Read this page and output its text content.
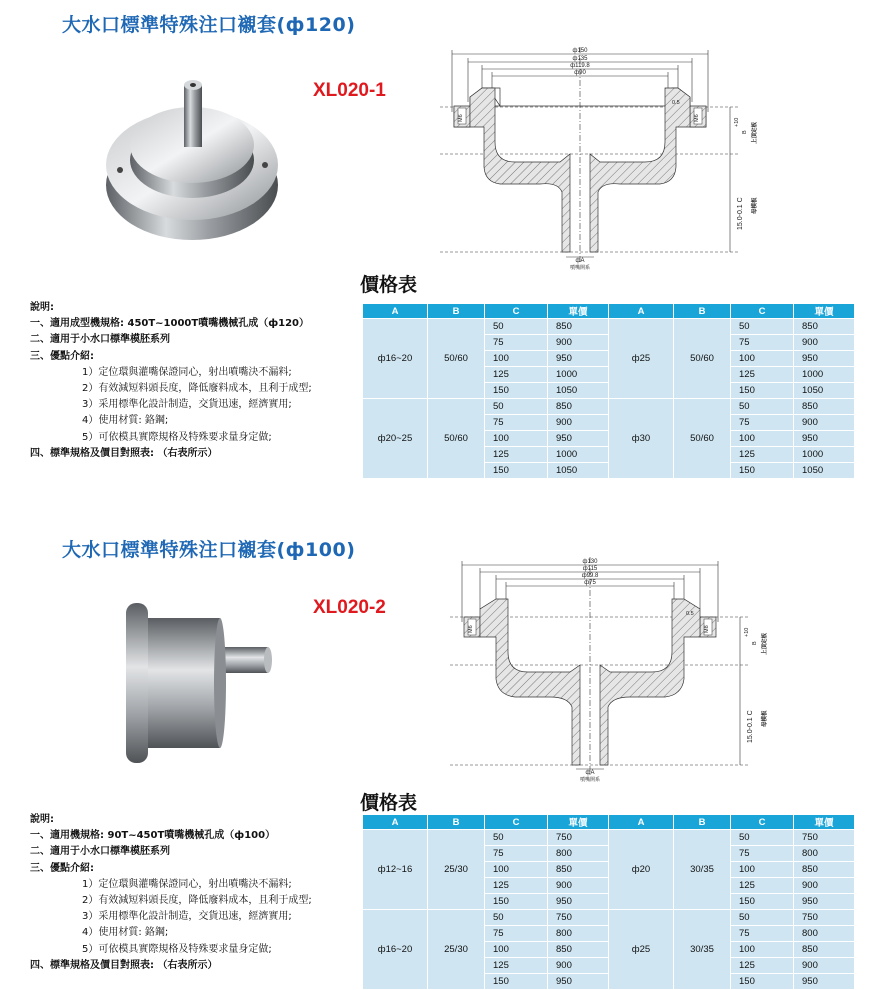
大水口標準特殊注口襯套(ф120)
XL020-1
ф150
ф135
ф119.8
ф90
M6	M6
0.5
+10
B 上頂定板
15.0-0.1 C	母模板
фA
噴嘴開系
價格表
說明:
一、適用成型機規格: 450T~1000T噴嘴機械孔成（ф120）
二、適用于小水口標準模胚系列
三、優點介紹:
1）定位環與灌嘴保證同心，射出噴嘴決不漏料;
2）有效減短料頭長度，降低廢料成本，且利于成型;
3）采用標準化設計制造，交貨迅速，經濟實用;
4）使用材質: 鉻鋼;
5）可依模具實際規格及特殊要求量身定做;
四、標準規格及價目對照表: （右表所示）
A	B	C	單價	A	B	C	單價
ф16~20	50/60	50	850	ф25	50/60	50	850
		75	900			75	900
		100	950			100	950
		125	1000			125	1000
		150	1050			150	1050
ф20~25	50/60	50	850	ф30	50/60	50	850
		75	900			75	900
		100	950			100	950
		125	1000			125	1000
		150	1050			150	1050
大水口標準特殊注口襯套(ф100)
XL020-2
ф130
ф115
ф99.8
ф75
M6	M8
0.5
+10
B 上頂定板
15.0-0.1 C	母模板
фA
噴嘴開系
價格表
說明:
一、適用機規格: 90T~450T噴嘴機械孔成（ф100）
二、適用于小水口標準模胚系列
三、優點介紹:
1）定位環與灌嘴保證同心，射出噴嘴決不漏料;
2）有效減短料頭長度，降低廢料成本，且利于成型;
3）采用標準化設計制造，交貨迅速，經濟實用;
4）使用材質: 鉻鋼;
5）可依模具實際規格及特殊要求量身定做;
四、標準規格及價目對照表: （右表所示）
A	B	C	單價	A	B	C	單價
ф12~16	25/30	50	750	ф20	30/35	50	750
		75	800			75	800
		100	850			100	850
		125	900			125	900
		150	950			150	950
ф16~20	25/30	50	750	ф25	30/35	50	750
		75	800			75	800
		100	850			100	850
		125	900			125	900
		150	950			150	950
